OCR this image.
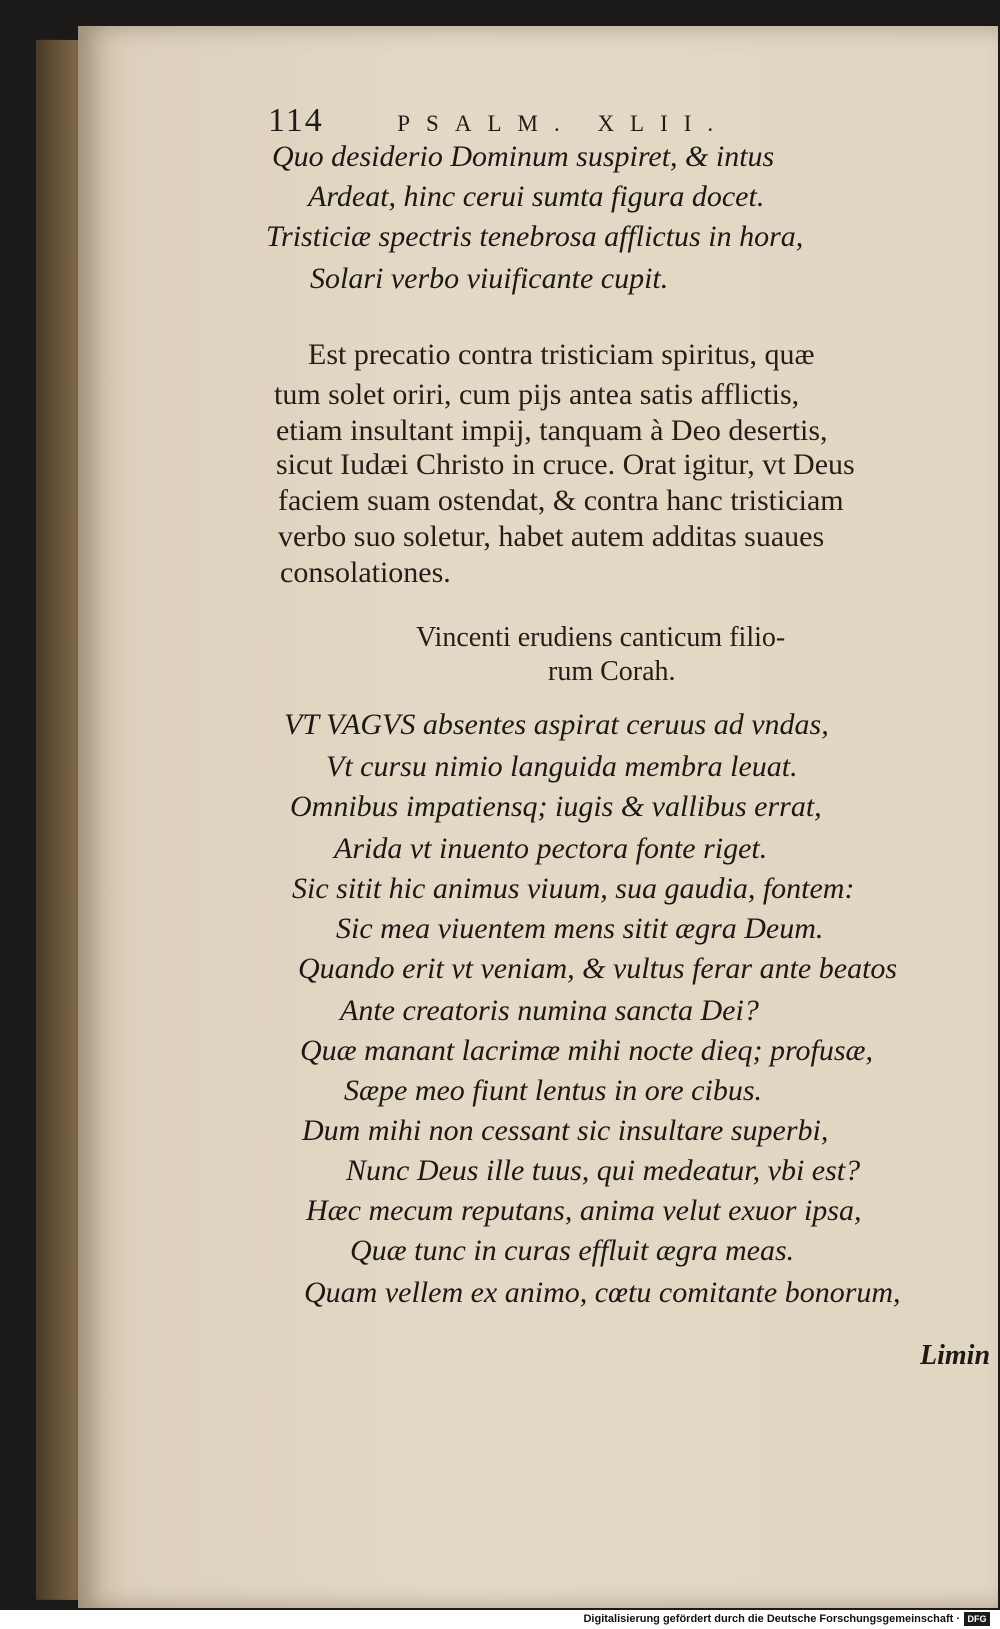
114	PSALM. XLII.
Quo desiderio Dominum suspiret, & intus
Ardeat, hinc cerui sumta figura docet.
Tristiciæ spectris tenebrosa afflictus in hora,
Solari verbo viuificante cupit.
Est precatio contra tristiciam spiritus, quæ
tum solet oriri, cum pijs antea satis afflictis,
etiam insultant impij, tanquam à Deo desertis,
sicut Iudæi Christo in cruce. Orat igitur, vt Deus
faciem suam ostendat, & contra hanc tristiciam
verbo suo soletur, habet autem additas suaues
consolationes.
Vincenti erudiens canticum filio-
rum Corah.
VT VAGVS absentes aspirat ceruus ad vndas,
Vt cursu nimio languida membra leuat.
Omnibus impatiensq; iugis & vallibus errat,
Arida vt inuento pectora fonte riget.
Sic sitit hic animus viuum, sua gaudia, fontem:
Sic mea viuentem mens sitit ægra Deum.
Quando erit vt veniam, & vultus ferar ante beatos
Ante creatoris numina sancta Dei?
Quæ manant lacrimæ mihi nocte dieq; profusæ,
Sæpe meo fiunt lentus in ore cibus.
Dum mihi non cessant sic insultare superbi,
Nunc Deus ille tuus, qui medeatur, vbi est?
Hæc mecum reputans, anima velut exuor ipsa,
Quæ tunc in curas effluit ægra meas.
Quam vellem ex animo, cœtu comitante bonorum,
Limin
Digitalisierung gefördert durch die Deutsche Forschungsgemeinschaft · DFG
